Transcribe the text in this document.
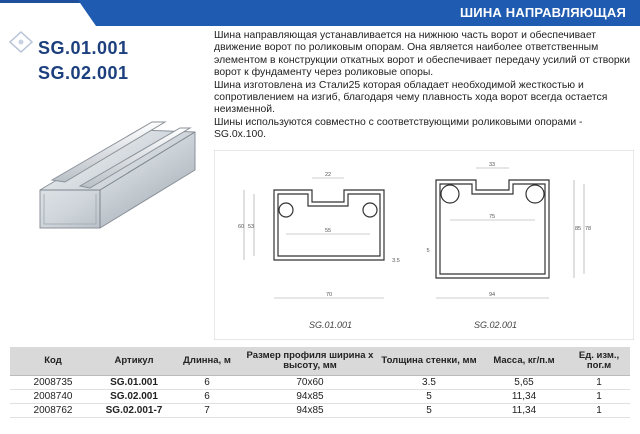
ШИНА НАПРАВЛЯЮЩАЯ
SG.01.001
SG.02.001

Шина направляющая устанавливается на нижнюю часть ворот и обеспечивает движение ворот по роликовым опорам. Она является наиболее ответственным элементом в конструкции откатных ворот и обеспечивает передачу усилий от створки ворот к фундаменту через роликовые опоры.

Шина изготовлена из Стали25 которая обладает необходимой жесткостью и сопротивлением на изгиб, благодаря чему плавность хода ворот всегда остается неизменной.

Шины используются совместно с соответствующими роликовыми опорами - SG.0x.100.

22
55
70
60 53
3.5
SG.01.001
33
75
94
85 78
5
SG.02.001
Код	Артикул	Длинна, м	Размер профиля ширина х высоту, мм	Толщина стенки, мм	Масса, кг/п.м	Ед. изм., пог.м
2008735	SG.01.001	6	70х60	3.5	5,65	1
2008740	SG.02.001	6	94х85	5	11,34	1
2008762	SG.02.001-7	7	94х85	5	11,34	1
